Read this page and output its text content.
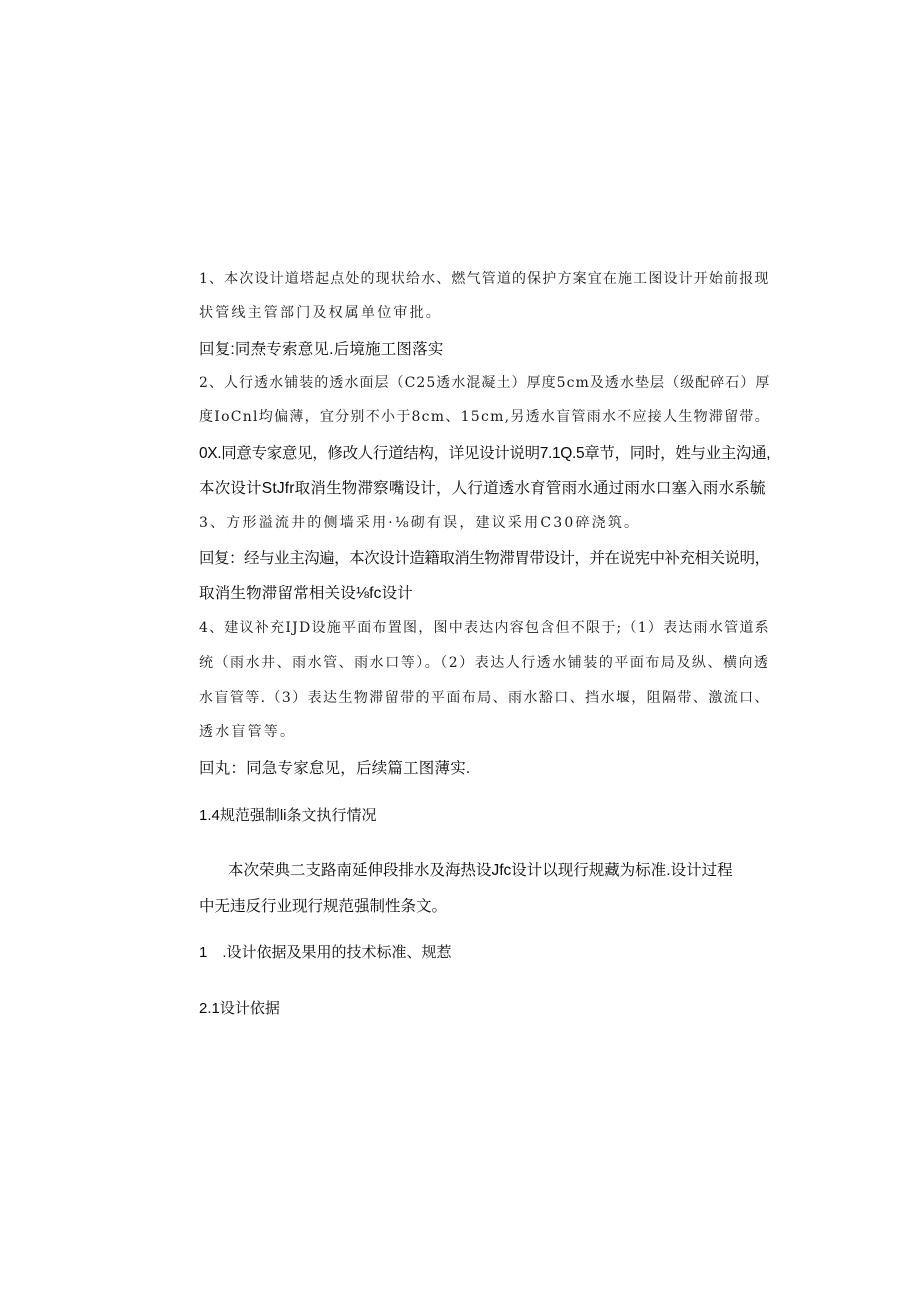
1、本次设计道塔起点处的现状给水、燃气管道的保护方案宜在施工图设计开始前报现
状管线主管部门及权属单位审批。
回复:同焘专索意见.后境施工图落实
2、人行透水铺装的透水面层（C25透水混凝土）厚度5cm及透水垫层（级配碎石）厚
度IoCnl均偏薄，宜分别不小于8cm、15cm,另透水盲管雨水不应接人生物滞留带。
0X.同意专家意见，修改人行道结构，详见设计说明7.1Q.5章节，同时，姓与业主沟通,
本次设计StJfr取消生物滞察嘴设计，人行道透水育管雨水通过雨水口塞入雨水系毓
3、方形溢流井的侧墙采用·⅛砌有误，建议采用C30碎浇筑。
回复：经与业主沟遍，本次设计造籍取消生物滞胃带设计，并在说宪中补充相关说明，
取消生物滞留常相关设⅛fc设计
4、建议补充IJD设施平面布置图，图中表达内容包含但不限于;（1）表达雨水管道系
统（雨水井、雨水管、雨水口等）。（2）表达人行透水铺装的平面布局及纵、横向透
水盲管等.（3）表达生物滞留带的平面布局、雨水豁口、挡水堰，阻隔带、激流口、
透水盲管等。
回丸：同急专家怠见，后续篇工图薄实.
1.4规范强制li条文执行情况
本次荣典二支路南延伸段排水及海热设Jfc设计以现行规藏为标准.设计过程
中无违反行业现行规范强制性条文。
1　.设计依据及果用的技术标准、规惹
2.1设计依据
